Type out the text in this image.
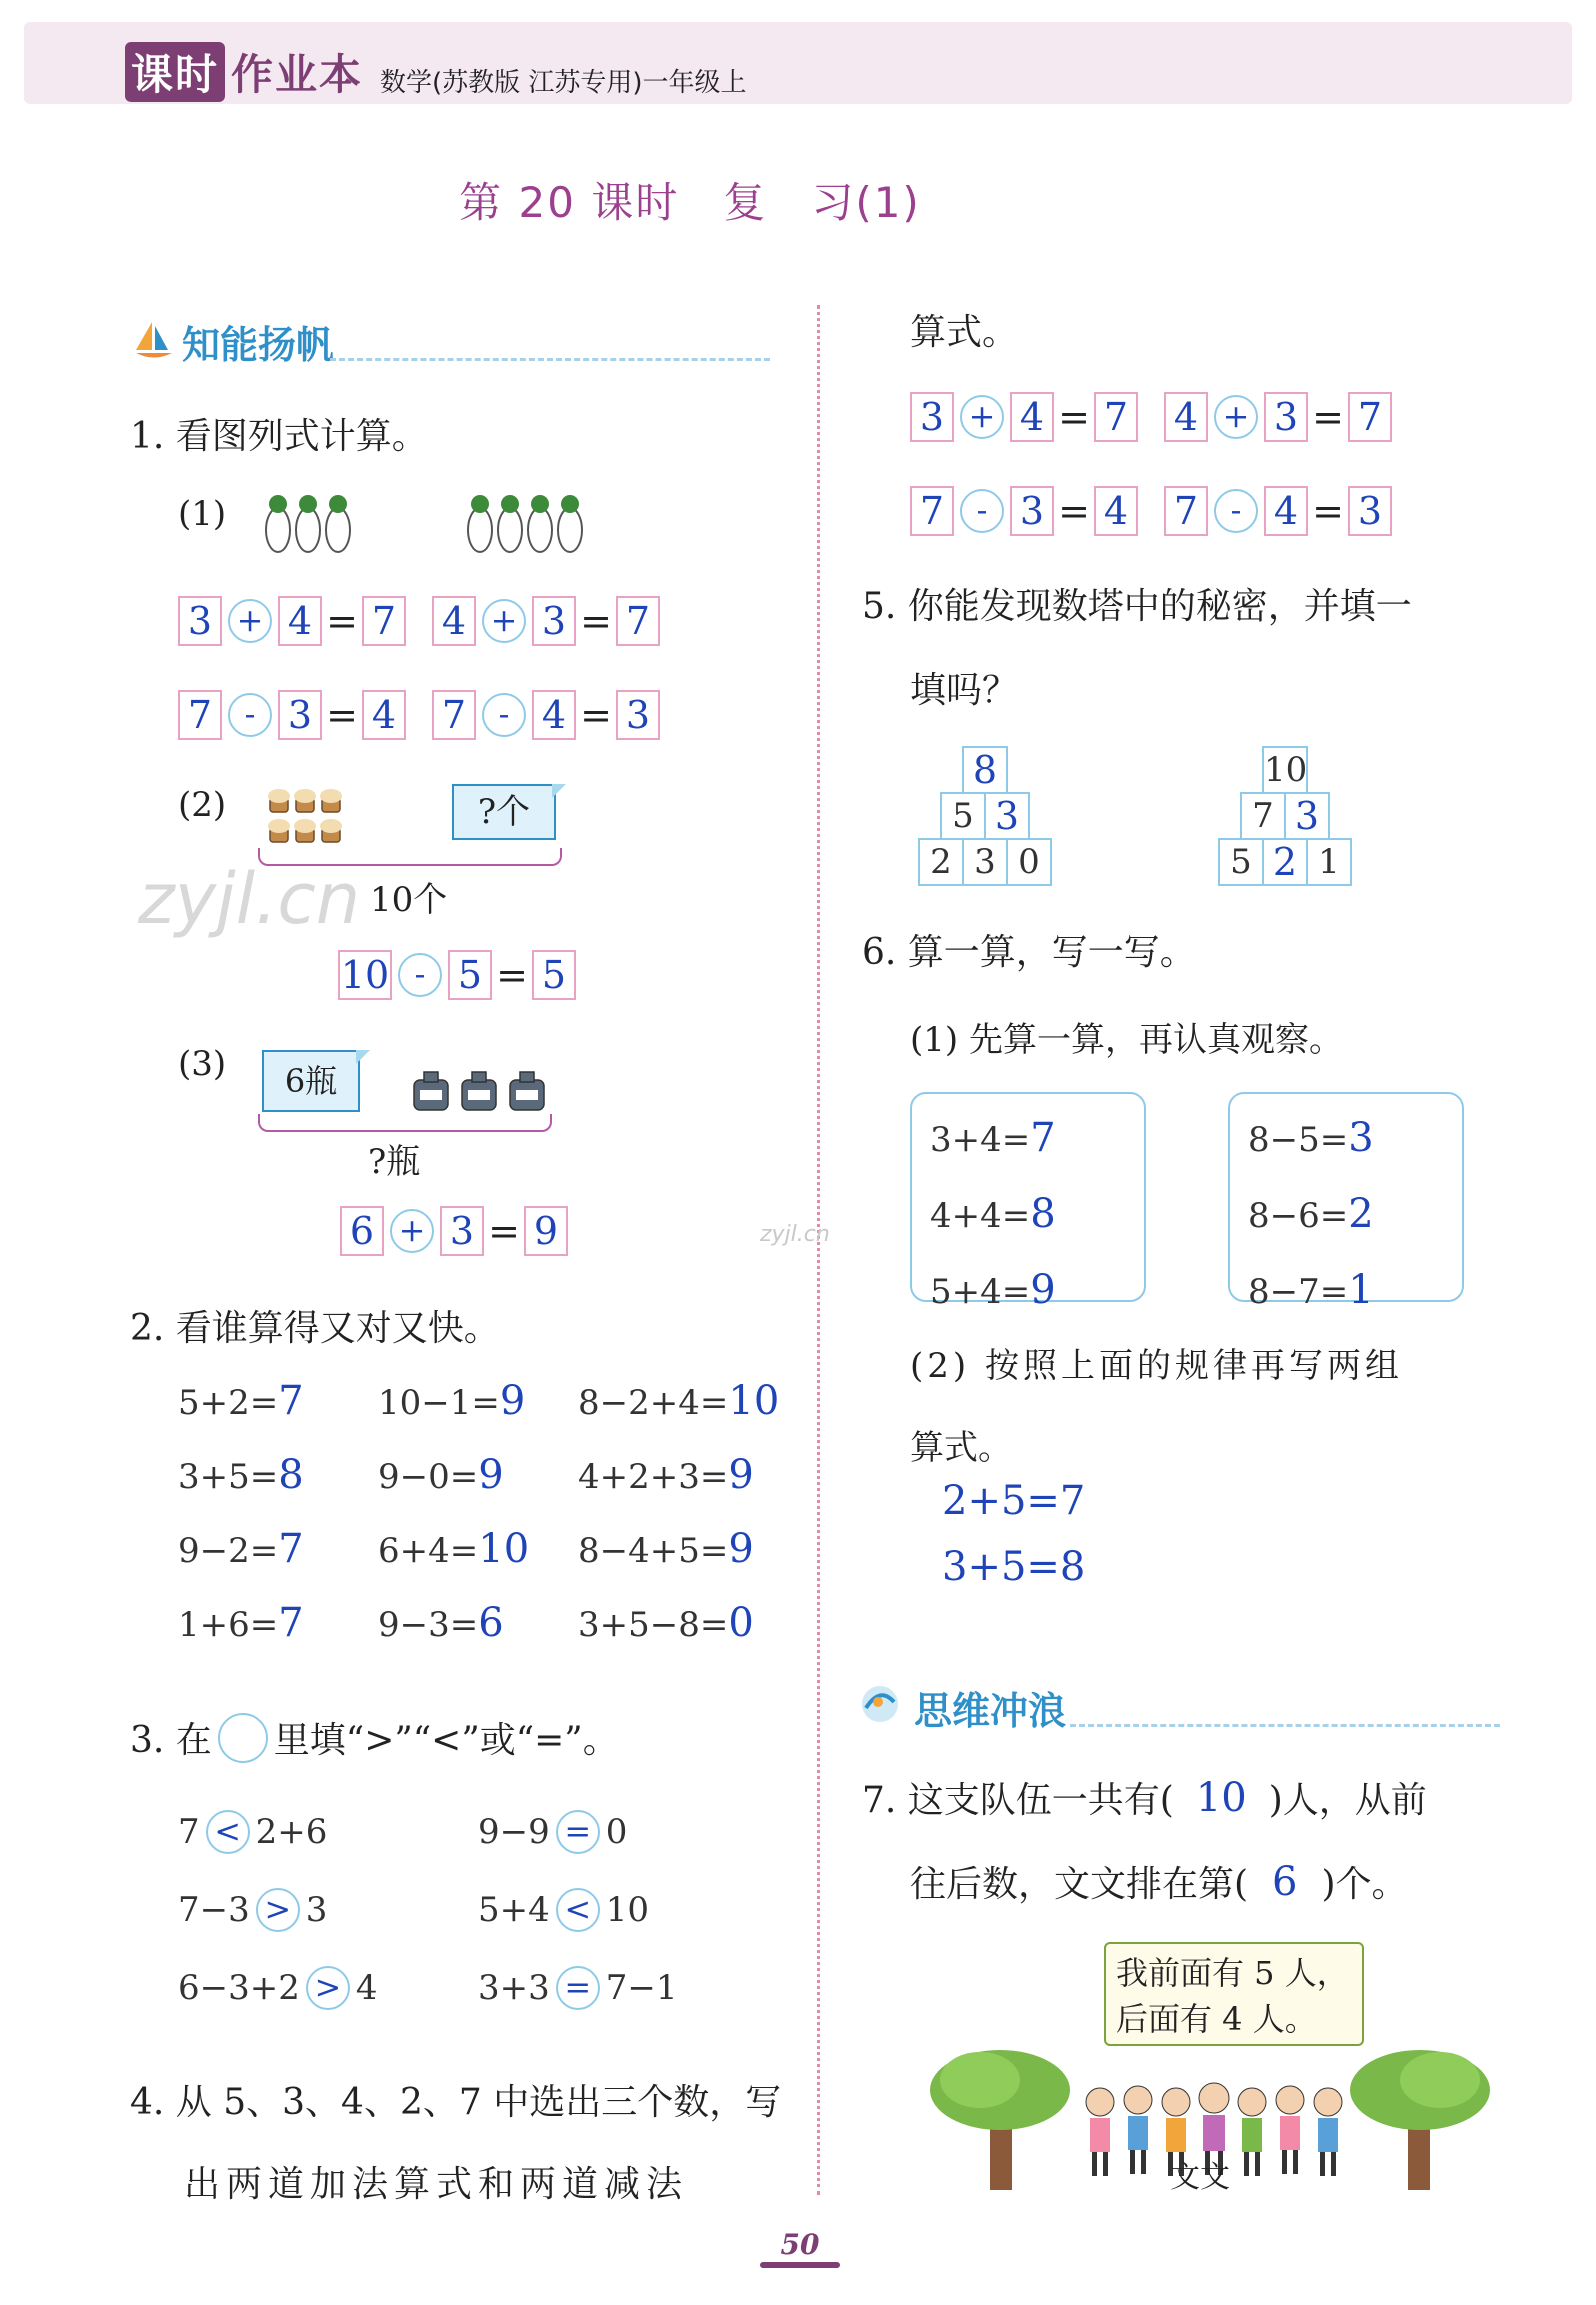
课时 作业本 数学(苏教版 江苏专用)一年级上
第 20 课时　复　习(1)
知能扬帆
1. 看图列式计算。
(1)
3 + 4 = 7 4 + 3 = 7
7	- 3 = 4 7	- 4 = 3
(2)	?个
10个
10 - 5 = 5
zyjl.cn
(3)	6瓶
?瓶
6 + 3 = 9	zyjl.cn
2. 看谁算得又对又快。
5+2=7	10−1=9	8−2+4=10
3+5=8	9−0=9	4+2+3=9
9−2=7	6+4=10	8−4+5=9
1+6=7	9−3=6	3+5−8=0
3. 在 里填“>”“<”或“=”。
7 < 2+6	9−9 = 0
7−3 > 3	5+4 < 10
6−3+2 > 4	3+3 = 7−1
4. 从 5、3、4、2、7 中选出三个数，写
出两道加法算式和两道减法
算式。
3 + 4 = 7 4 + 3 = 7
7	- 3 = 4 7	- 4 = 3
5. 你能发现数塔中的秘密，并填一
填吗？
8
5 3
2 3 0
10
7 3
5 2 1
6. 算一算，写一写。
(1) 先算一算，再认真观察。
3+4=7
4+4=8
5+4=9
8−5=3
8−6=2
8−7=1
(2) 按照上面的规律再写两组
算式。
2+5=7
3+5=8
思维冲浪
7. 这支队伍一共有( 10 )人，从前
往后数，文文排在第( 6 )个。
我前面有 5 人，
后面有 4 人。
文文
50
